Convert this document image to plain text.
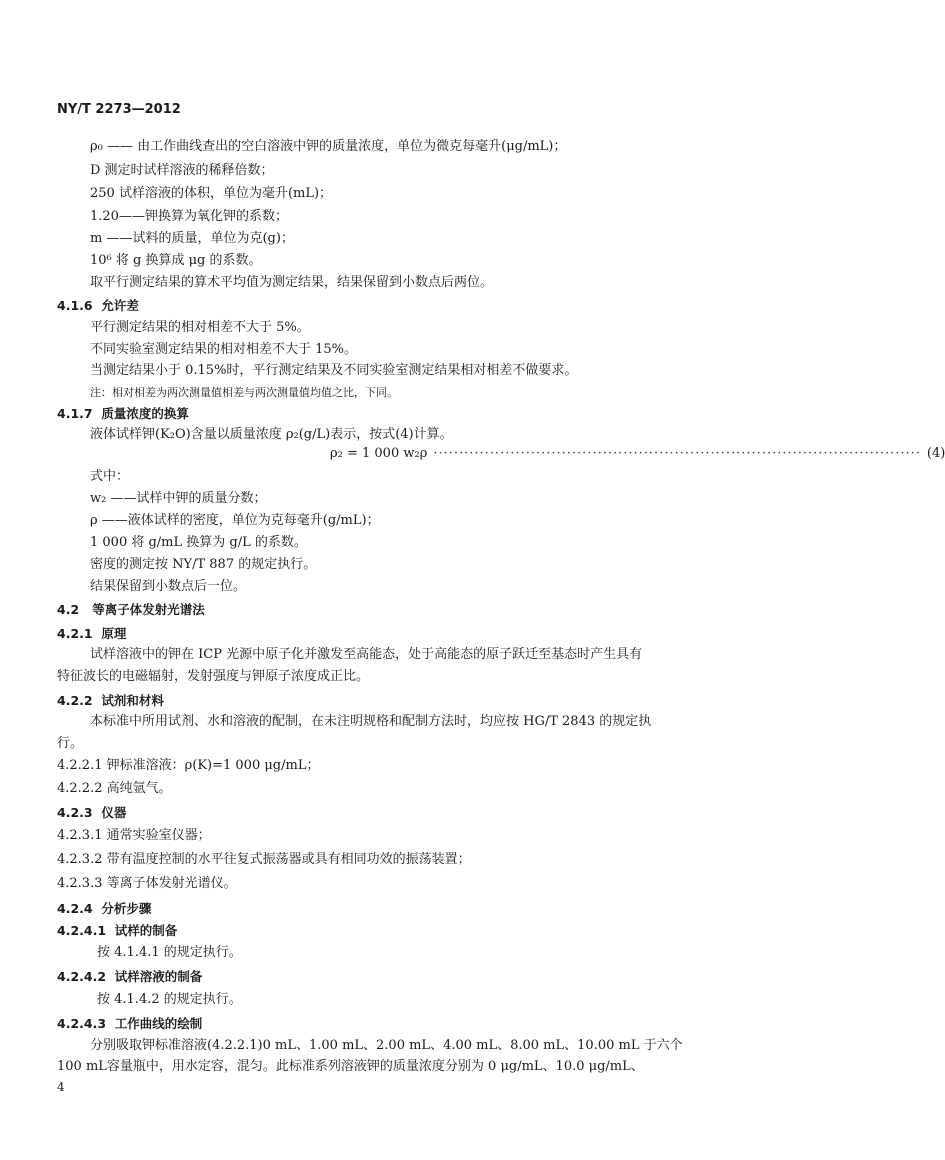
NY/T 2273—2012
ρ₀ —— 由工作曲线查出的空白溶液中钾的质量浓度，单位为微克每毫升(μg/mL)；
D 测定时试样溶液的稀释倍数；
250 试样溶液的体积，单位为毫升(mL)；
1.20——钾换算为氧化钾的系数；
m ——试料的质量，单位为克(g)；
10⁶ 将 g 换算成 μg 的系数。
取平行测定结果的算术平均值为测定结果，结果保留到小数点后两位。
4.1.6 允许差
平行测定结果的相对相差不大于 5%。
不同实验室测定结果的相对相差不大于 15%。
当测定结果小于 0.15%时，平行测定结果及不同实验室测定结果相对相差不做要求。
注：相对相差为两次测量值相差与两次测量值均值之比，下同。
4.1.7 质量浓度的换算
液体试样钾(K₂O)含量以质量浓度 ρ₂(g/L)表示，按式(4)计算。
ρ₂ = 1 000 w₂ρ ······························································································· (4)
式中：
w₂ ——试样中钾的质量分数；
ρ ——液体试样的密度，单位为克每毫升(g/mL)；
1 000 将 g/mL 换算为 g/L 的系数。
密度的测定按 NY/T 887 的规定执行。
结果保留到小数点后一位。
4.2 等离子体发射光谱法
4.2.1 原理
试样溶液中的钾在 ICP 光源中原子化并激发至高能态，处于高能态的原子跃迁至基态时产生具有
特征波长的电磁辐射，发射强度与钾原子浓度成正比。
4.2.2 试剂和材料
本标准中所用试剂、水和溶液的配制，在未注明规格和配制方法时，均应按 HG/T 2843 的规定执
行。
4.2.2.1 钾标准溶液：ρ(K)=1 000 μg/mL；
4.2.2.2 高纯氩气。
4.2.3 仪器
4.2.3.1 通常实验室仪器；
4.2.3.2 带有温度控制的水平往复式振荡器或具有相同功效的振荡装置；
4.2.3.3 等离子体发射光谱仪。
4.2.4 分析步骤
4.2.4.1 试样的制备
按 4.1.4.1 的规定执行。
4.2.4.2 试样溶液的制备
按 4.1.4.2 的规定执行。
4.2.4.3 工作曲线的绘制
分别吸取钾标准溶液(4.2.2.1)0 mL、1.00 mL、2.00 mL、4.00 mL、8.00 mL、10.00 mL 于六个
100 mL容量瓶中，用水定容，混匀。此标准系列溶液钾的质量浓度分别为 0 μg/mL、10.0 μg/mL、
4
